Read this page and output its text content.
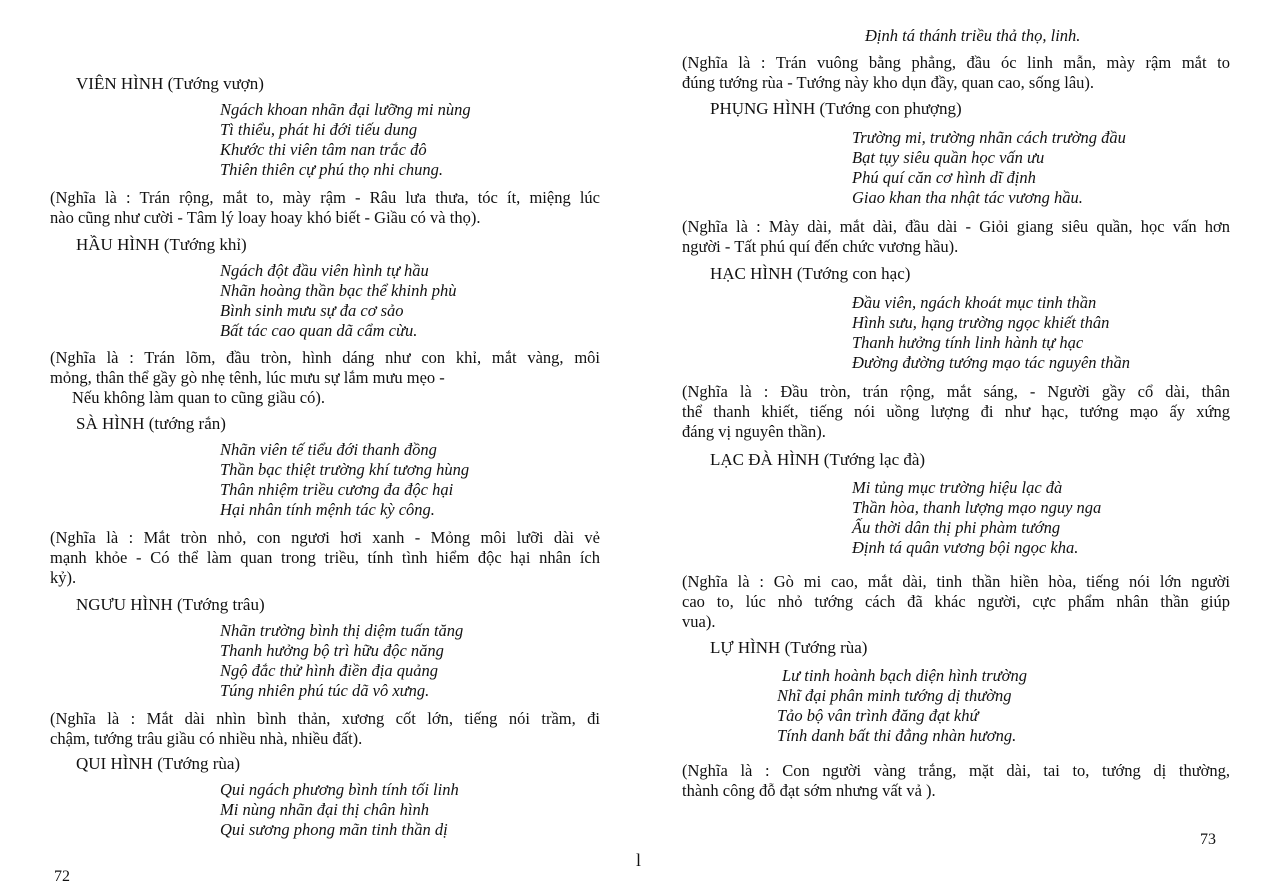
VIÊN HÌNH (Tướng vượn)
Ngách khoan nhãn đại lưỡng mi nùng
Tì thiểu, phát hi đới tiếu dung
Khước thi viên tâm nan trắc đô
Thiên thiên cự phú thọ nhi chung.
(Nghĩa là : Trán rộng, mắt to, mày rậm - Râu lưa thưa, tóc ít, miệng lúc
nào cũng như cười - Tâm lý loay hoay khó biết - Giầu có và thọ).
HẦU HÌNH (Tướng khỉ)
Ngách đột đầu viên hình tự hầu
Nhãn hoàng thần bạc thể khinh phù
Bình sinh mưu sự đa cơ sảo
Bất tác cao quan dã cẩm cừu.
(Nghĩa là : Trán lõm, đầu tròn, hình dáng như con khỉ, mắt vàng, môi
mỏng, thân thể gầy gò nhẹ tênh, lúc mưu sự lắm mưu mẹo -
Nếu không làm quan to cũng giầu có).
SÀ HÌNH (tướng rắn)
Nhãn viên tế tiểu đới thanh đồng
Thần bạc thiệt trường khí tương hùng
Thân nhiệm triều cương đa độc hại
Hại nhân tính mệnh tác kỳ công.
(Nghĩa là : Mắt tròn nhỏ, con ngươi hơi xanh - Mỏng môi lưỡi dài vẻ
mạnh khỏe - Có thể làm quan trong triều, tính tình hiểm độc hại nhân ích
kỷ).
NGƯU HÌNH (Tướng trâu)
Nhãn trường bình thị diệm tuấn tăng
Thanh hưởng bộ trì hữu độc năng
Ngộ đắc thử hình điền địa quảng
Túng nhiên phú túc dã vô xưng.
(Nghĩa là : Mắt dài nhìn bình thản, xương cốt lớn, tiếng nói trầm, đi
chậm, tướng trâu giầu có nhiều nhà, nhiều đất).
QUI HÌNH (Tướng rùa)
Qui ngách phương bình tính tối linh
Mi nùng nhãn đại thị chân hình
Qui sương phong mãn tinh thần dị
72
Định tá thánh triều thả thọ, linh.
(Nghĩa là : Trán vuông bằng phẳng, đầu óc linh mẫn, mày rậm mắt to
đúng tướng rùa - Tướng này kho dụn đầy, quan cao, sống lâu).
PHỤNG HÌNH (Tướng con phượng)
Trường mi, trường nhãn cách trường đầu
Bạt tụy siêu quần học vấn ưu
Phú quí căn cơ hình dĩ định
Giao khan tha nhật tác vương hầu.
(Nghĩa là : Mày dài, mắt dài, đầu dài - Giỏi giang siêu quần, học vấn hơn
người - Tất phú quí đến chức vương hầu).
HẠC HÌNH (Tướng con hạc)
Đầu viên, ngách khoát mục tinh thần
Hình sưu, hạng trường ngọc khiết thân
Thanh hưởng tính linh hành tự hạc
Đường đường tướng mạo tác nguyên thần
(Nghĩa là : Đầu tròn, trán rộng, mắt sáng, - Người gầy cổ dài, thân
thể thanh khiết, tiếng nói uồng lượng đi như hạc, tướng mạo ấy xứng
đáng vị nguyên thần).
LẠC ĐÀ HÌNH (Tướng lạc đà)
Mi tủng mục trường hiệu lạc đà
Thần hòa, thanh lượng mạo nguy nga
Ấu thời dân thị phi phàm tướng
Định tá quân vương bội ngọc kha.
(Nghĩa là : Gò mi cao, mắt dài, tinh thần hiền hòa, tiếng nói lớn người
cao to, lúc nhỏ tướng cách đã khác người, cực phẩm nhân thần giúp
vua).
LỰ HÌNH (Tướng rùa)
Lư tinh hoành bạch diện hình trường
Nhĩ đại phân minh tướng dị thường
Tảo bộ vân trình đăng đạt khứ
Tính danh bất thi đẳng nhàn hương.
(Nghĩa là : Con người vàng trắng, mặt dài, tai to, tướng dị thường,
thành công đỗ đạt sớm nhưng vất vả ).
73
l
